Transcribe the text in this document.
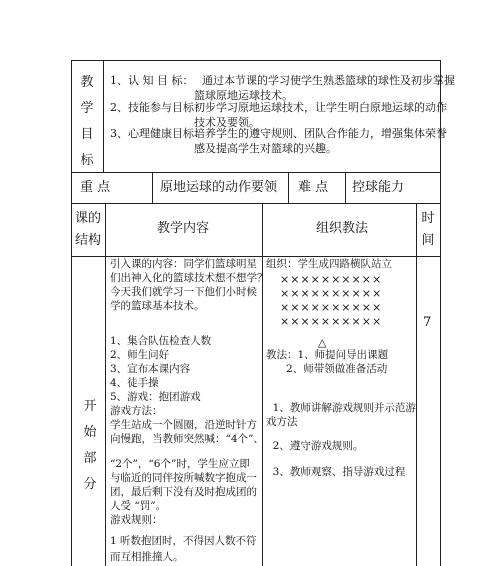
教
学
目
标
1、认 知 目 标： 通过本节课的学习使学生熟悉篮球的球性及初步掌握
篮球原地运球技术。
2、技能参与目标：
初步学习原地运球技术，让学生明白原地运球的动作
技术及要领。
3、心理健康目标：
培养学生的遵守规则、团队合作能力，增强集体荣誉
感及提高学生对篮球的兴趣。
重 点	原地运球的动作要领 难 点 控球能力
课的
结构
教学内容	组织教法
时
间
开
始
部
分
引入课的内容：同学们篮球明星
们出神入化的篮球技术想不想学？
今天我们就学习一下他们小时候
学的篮球基本技术。
1、集合队伍检查人数
2、师生问好
3、宣布本课内容
4、徒手操
5、游戏：抱团游戏
游戏方法：
学生站成一个圆圈，沿逆时针方
向慢跑，当教师突然喊：“4个”、
“2个”，“6个”时，学生应立即
与临近的同伴按所喊数字抱成一
团，最后剩下没有及时抱成团的
人受 “罚”。
游戏规则：
1 听数抱团时，不得因人数不符
而互相推撞人。
组织：学生成四路横队站立
××××××××××
××××××××××
××××××××××
××××××××××
△
教法：1、师提问导出课题
2、师带领做准备活动
1、教师讲解游戏规则并示范游
戏方法
2、遵守游戏规则。
3、教师观察、指导游戏过程
7
